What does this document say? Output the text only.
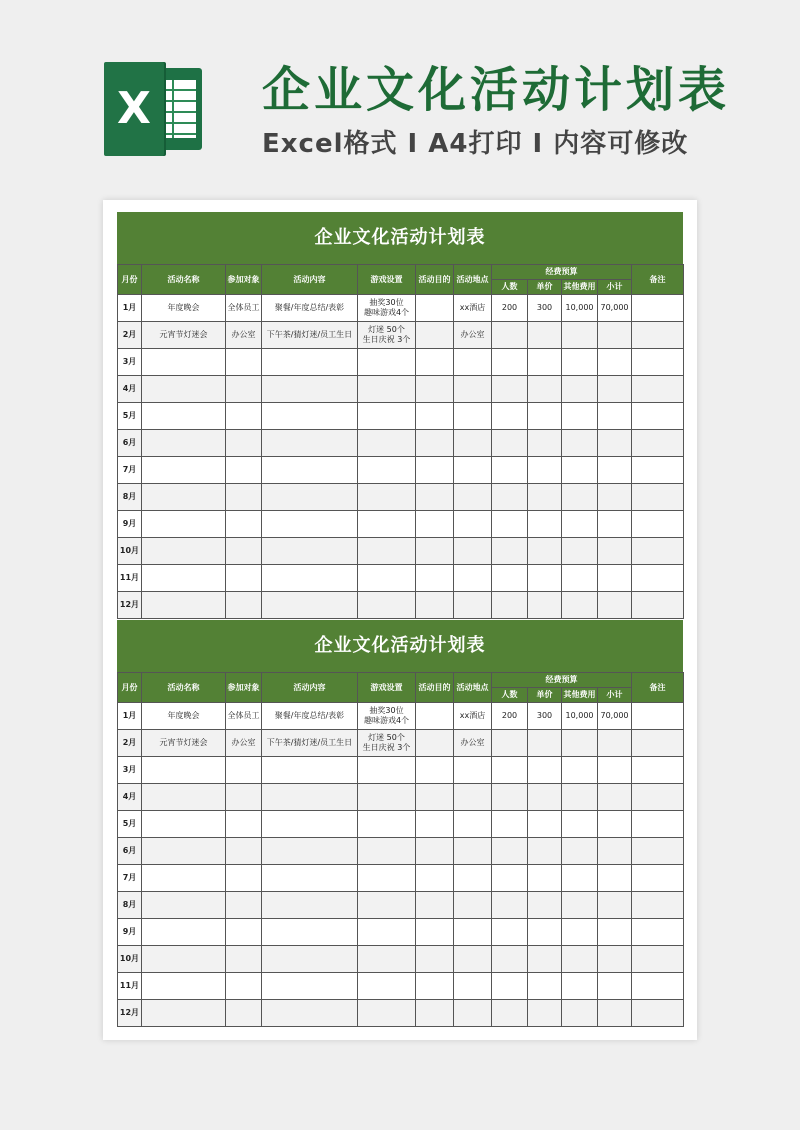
X 企业文化活动计划表
Excel格式 I A4打印 I 内容可修改
企业文化活动计划表
月份	活动名称	参加对象	活动内容	游戏设置	活动目的	活动地点	经费预算				备注
							人数	单价	其他费用	小计	
1月	年度晚会	全体员工	聚餐/年度总结/表彰	抽奖30位
趣味游戏4个		xx酒店	200	300	10,000	70,000	
2月	元宵节灯迷会	办公室	下午茶/猜灯迷/员工生日	灯迷 50个
生日庆祝 3个		办公室					
3月											
4月											
5月											
6月											
7月											
8月											
9月											
10月											
11月											
12月											
企业文化活动计划表
月份	活动名称	参加对象	活动内容	游戏设置	活动目的	活动地点	经费预算				备注
							人数	单价	其他费用	小计	
1月	年度晚会	全体员工	聚餐/年度总结/表彰	抽奖30位
趣味游戏4个		xx酒店	200	300	10,000	70,000	
2月	元宵节灯迷会	办公室	下午茶/猜灯迷/员工生日	灯迷 50个
生日庆祝 3个		办公室					
3月											
4月											
5月											
6月											
7月											
8月											
9月											
10月											
11月											
12月											
